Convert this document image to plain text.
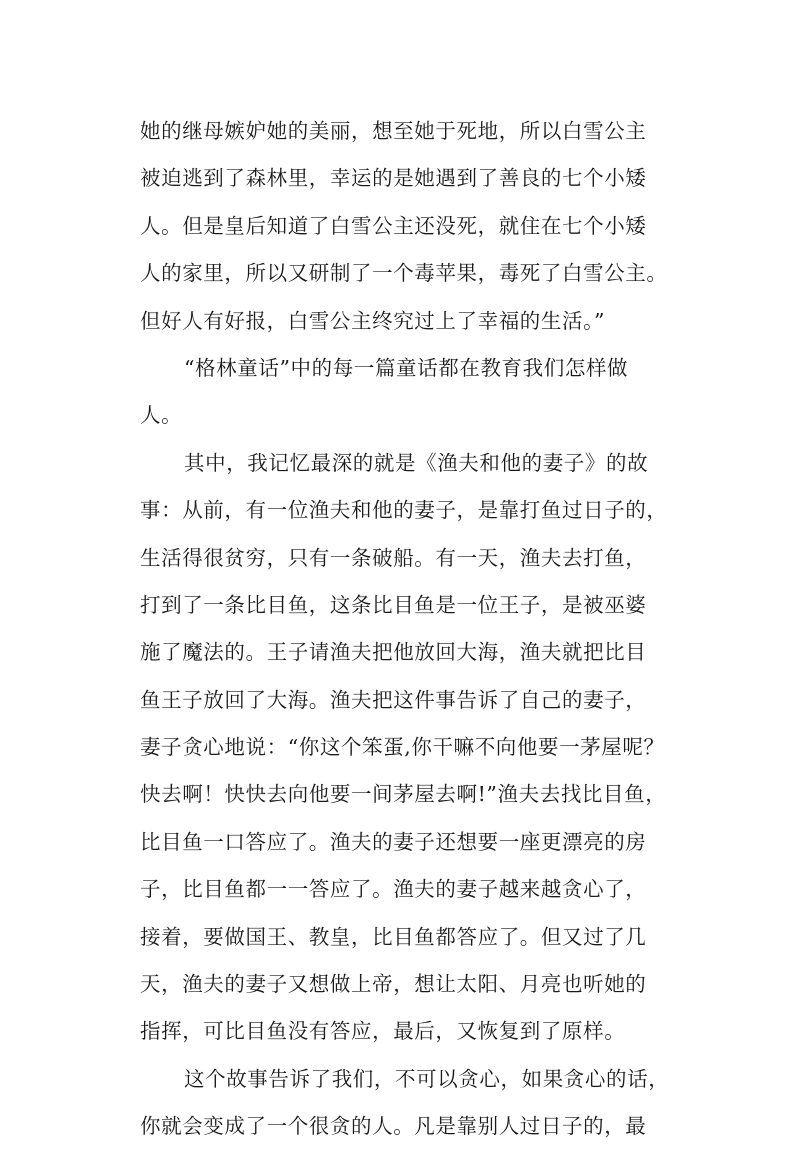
她的继母嫉妒她的美丽，想至她于死地，所以白雪公主
被迫逃到了森林里，幸运的是她遇到了善良的七个小矮
人。但是皇后知道了白雪公主还没死，就住在七个小矮
人的家里，所以又研制了一个毒苹果，毒死了白雪公主。
但好人有好报，白雪公主终究过上了幸福的生活。”
“格林童话”中的每一篇童话都在教育我们怎样做
人。
其中，我记忆最深的就是《渔夫和他的妻子》的故
事：从前，有一位渔夫和他的妻子，是靠打鱼过日子的，
生活得很贫穷，只有一条破船。有一天，渔夫去打鱼，
打到了一条比目鱼，这条比目鱼是一位王子，是被巫婆
施了魔法的。王子请渔夫把他放回大海，渔夫就把比目
鱼王子放回了大海。渔夫把这件事告诉了自己的妻子，
妻子贪心地说：“你这个笨蛋,你干嘛不向他要一茅屋呢？
快去啊！快快去向他要一间茅屋去啊!”渔夫去找比目鱼，
比目鱼一口答应了。渔夫的妻子还想要一座更漂亮的房
子，比目鱼都一一答应了。渔夫的妻子越来越贪心了，
接着，要做国王、教皇，比目鱼都答应了。但又过了几
天，渔夫的妻子又想做上帝，想让太阳、月亮也听她的
指挥，可比目鱼没有答应，最后，又恢复到了原样。
这个故事告诉了我们，不可以贪心，如果贪心的话，
你就会变成了一个很贪的人。凡是靠别人过日子的，最
